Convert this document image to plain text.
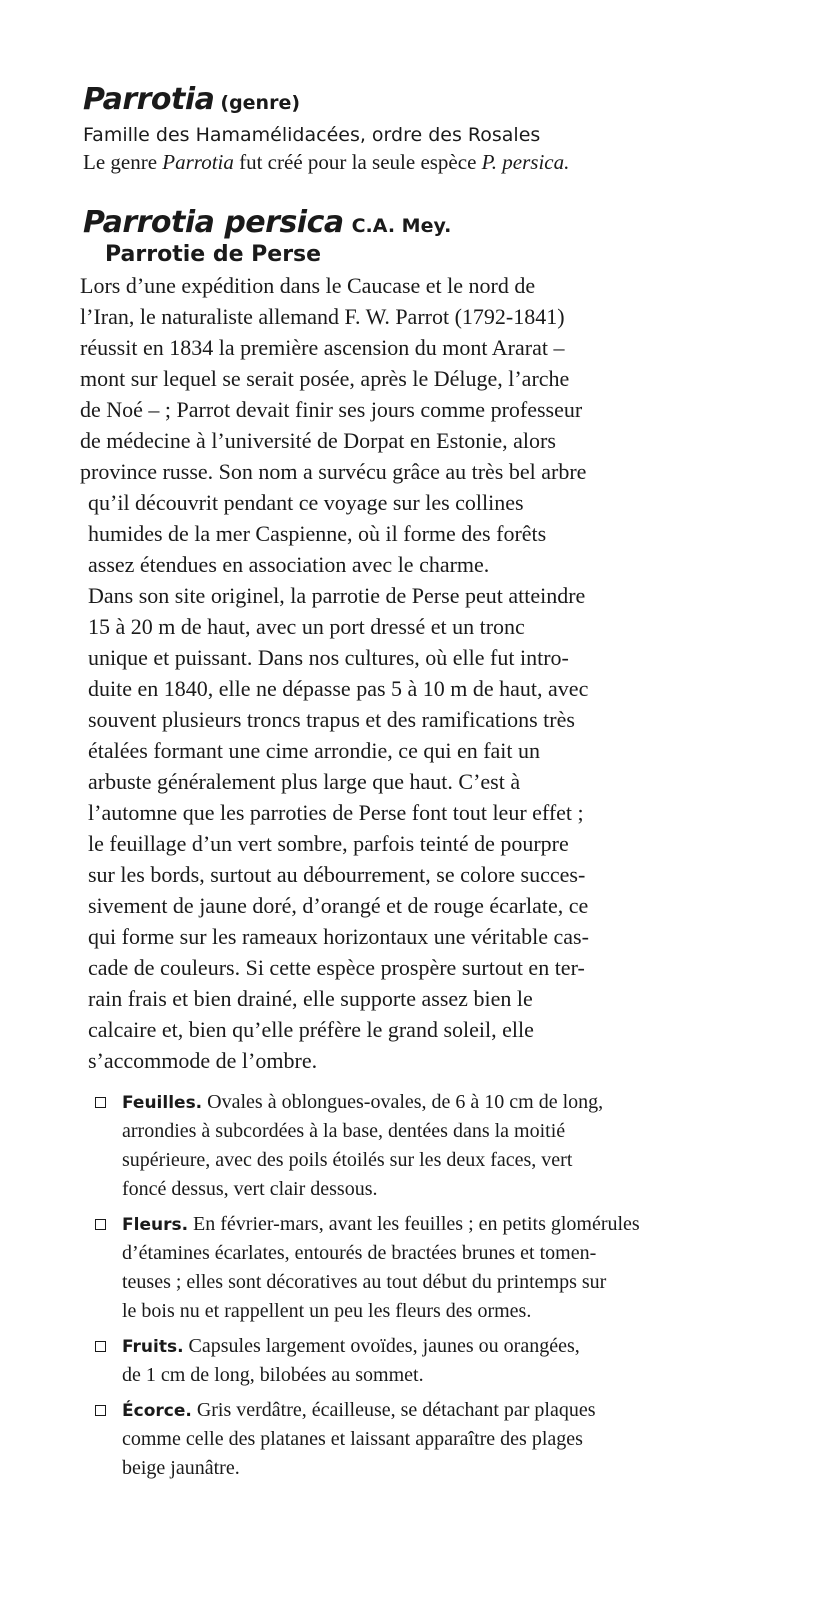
Parrotia (genre)

Famille des Hamamélidacées, ordre des Rosales

Le genre Parrotia fut créé pour la seule espèce P. persica.

Parrotia persica C.A. Mey.
Parrotie de Perse
Lors d’une expédition dans le Caucase et le nord de
l’Iran, le naturaliste allemand F. W. Parrot (1792-1841)
réussit en 1834 la première ascension du mont Ararat –
mont sur lequel se serait posée, après le Déluge, l’arche
de Noé – ; Parrot devait finir ses jours comme professeur
de médecine à l’université de Dorpat en Estonie, alors
province russe. Son nom a survécu grâce au très bel arbre
qu’il découvrit pendant ce voyage sur les collines
humides de la mer Caspienne, où il forme des forêts
assez étendues en association avec le charme.
Dans son site originel, la parrotie de Perse peut atteindre
15 à 20 m de haut, avec un port dressé et un tronc
unique et puissant. Dans nos cultures, où elle fut intro-
duite en 1840, elle ne dépasse pas 5 à 10 m de haut, avec
souvent plusieurs troncs trapus et des ramifications très
étalées formant une cime arrondie, ce qui en fait un
arbuste généralement plus large que haut. C’est à
l’automne que les parroties de Perse font tout leur effet ;
le feuillage d’un vert sombre, parfois teinté de pourpre
sur les bords, surtout au débourrement, se colore succes-
sivement de jaune doré, d’orangé et de rouge écarlate, ce
qui forme sur les rameaux horizontaux une véritable cas-
cade de couleurs. Si cette espèce prospère surtout en ter-
rain frais et bien drainé, elle supporte assez bien le
calcaire et, bien qu’elle préfère le grand soleil, elle
s’accommode de l’ombre.
Feuilles. Ovales à oblongues-ovales, de 6 à 10 cm de long,
arrondies à subcordées à la base, dentées dans la moitié
supérieure, avec des poils étoilés sur les deux faces, vert
foncé dessus, vert clair dessous.
Fleurs. En février-mars, avant les feuilles ; en petits glomérules
d’étamines écarlates, entourés de bractées brunes et tomen-
teuses ; elles sont décoratives au tout début du printemps sur
le bois nu et rappellent un peu les fleurs des ormes.
Fruits. Capsules largement ovoïdes, jaunes ou orangées,
de 1 cm de long, bilobées au sommet.
Écorce. Gris verdâtre, écailleuse, se détachant par plaques
comme celle des platanes et laissant apparaître des plages
beige jaunâtre.
